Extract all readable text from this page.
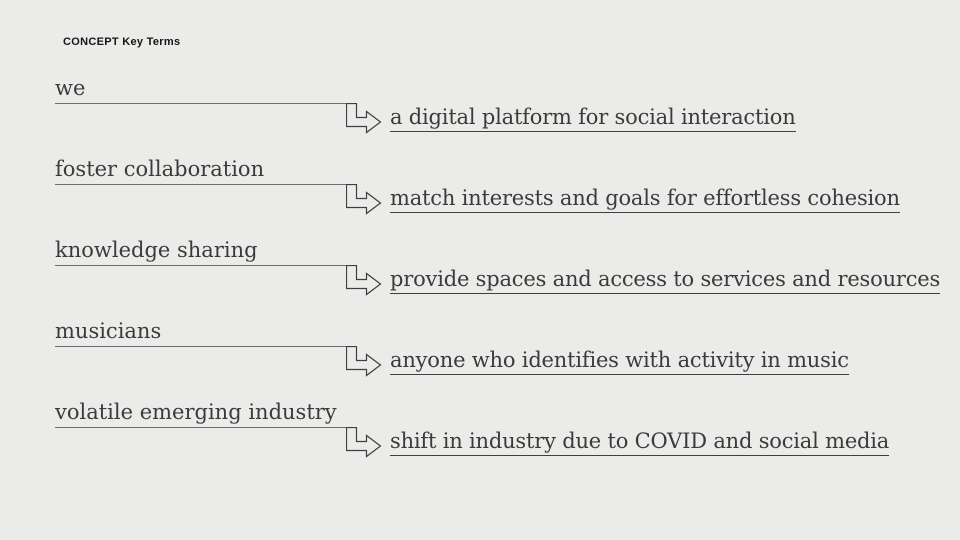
CONCEPT Key Terms
we
a digital platform for social interaction
foster collaboration
match interests and goals for effortless cohesion
knowledge sharing
provide spaces and access to services and resources
musicians
anyone who identifies with activity in music
volatile emerging industry
shift in industry due to COVID and social media
